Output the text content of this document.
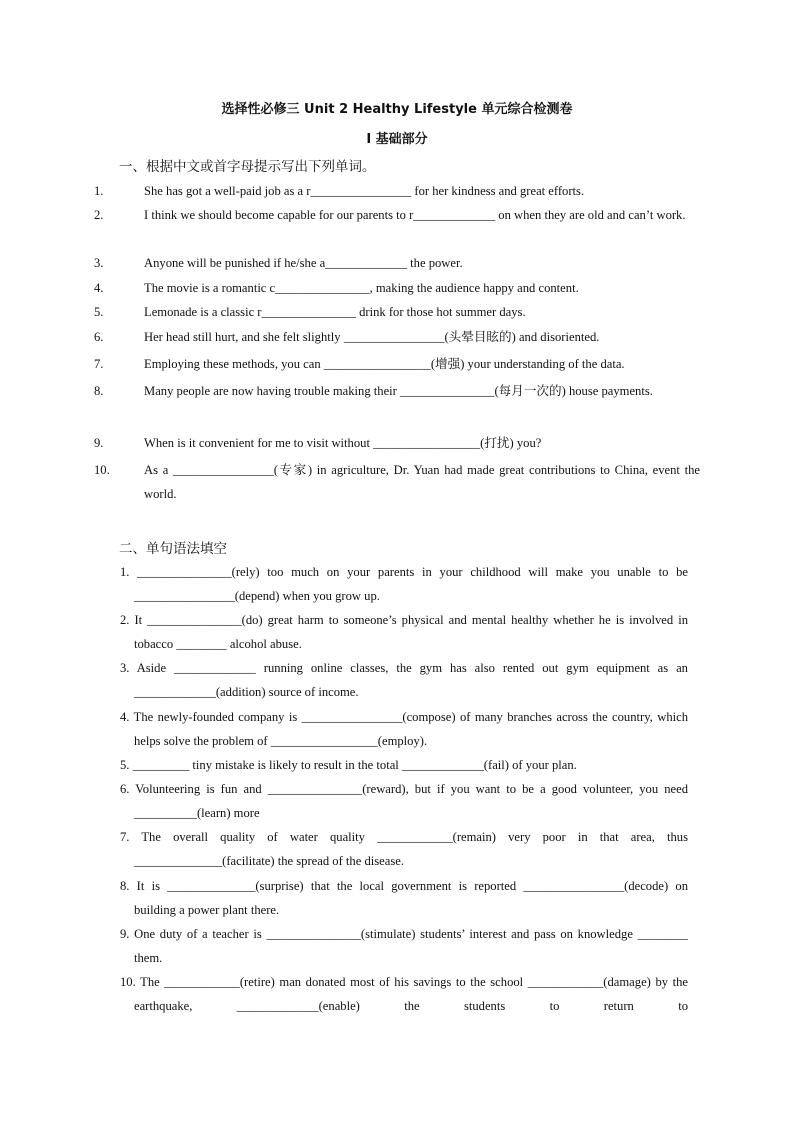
选择性必修三 Unit 2 Healthy Lifestyle 单元综合检测卷
I 基础部分
一、根据中文或首字母提示写出下列单词。
1.	She has got a well-paid job as a r________________ for her kindness and great efforts.
2.	I think we should become capable for our parents to r_____________ on when they are old and can’t work.
3.	Anyone will be punished if he/she a_____________ the power.
4.	The movie is a romantic c_______________, making the audience happy and content.
5.	Lemonade is a classic r_______________ drink for those hot summer days.
6.	Her head still hurt, and she felt slightly ________________(头晕目眩的) and disoriented.
7.	Employing these methods, you can _________________(增强) your understanding of the data.
8.	Many people are now having trouble making their _______________(每月一次的) house payments.
9.	When is it convenient for me to visit without _________________(打扰) you?
10.	As a ________________(专家) in agriculture, Dr. Yuan had made great contributions to China, event the world.
二、单句语法填空
1. _______________(rely) too much on your parents in your childhood will make you unable to be ________________(depend) when you grow up.
2. It _______________(do) great harm to someone’s physical and mental healthy whether he is involved in tobacco ________ alcohol abuse.
3. Aside _____________ running online classes, the gym has also rented out gym equipment as an _____________(addition) source of income.
4. The newly-founded company is ________________(compose) of many branches across the country, which helps solve the problem of _________________(employ).
5. _________ tiny mistake is likely to result in the total _____________(fail) of your plan.
6. Volunteering is fun and _______________(reward), but if you want to be a good volunteer, you need __________(learn) more
7. The overall quality of water quality ____________(remain) very poor in that area, thus ______________(facilitate) the spread of the disease.
8. It is ______________(surprise) that the local government is reported ________________(decode) on building a power plant there.
9. One duty of a teacher is _______________(stimulate) students’ interest and pass on knowledge ________ them.
10. The ____________(retire) man donated most of his savings to the school ____________(damage) by the earthquake, _____________(enable) the students to return to
